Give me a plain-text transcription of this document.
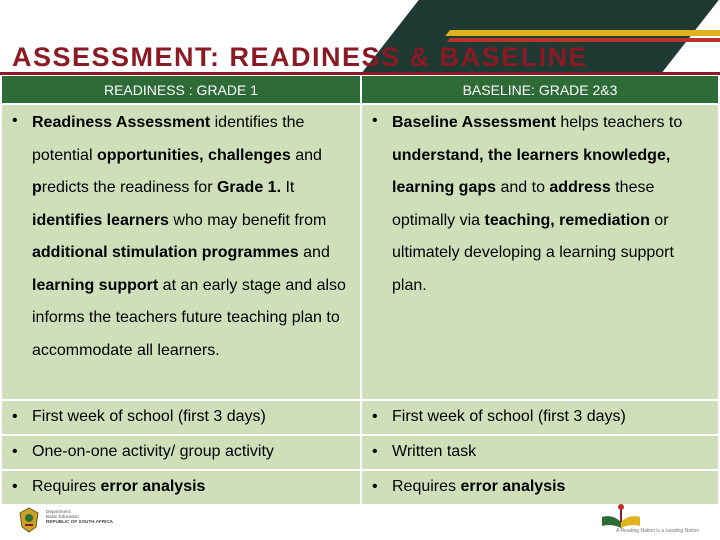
ASSESSMENT: READINESS & BASELINE
READINESS : GRADE 1	BASELINE: GRADE 2&3

• Readiness Assessment identifies the potential opportunities, challenges and predicts the readiness for Grade 1. It identifies learners who may benefit from additional stimulation programmes and learning support at an early stage and also informs the teachers future teaching plan to accommodate all learners.	• Baseline Assessment helps teachers to understand, the learners knowledge, learning gaps and to address these optimally via teaching, remediation or ultimately developing a learning support plan.

• First week of school (first 3 days)	• First week of school (first 3 days)

• One-on-one activity/ group activity	• Written task

• Requires error analysis	• Requires error analysis
Department:
Basic Education
REPUBLIC OF SOUTH AFRICA
A Reading Nation is a Leading Nation
